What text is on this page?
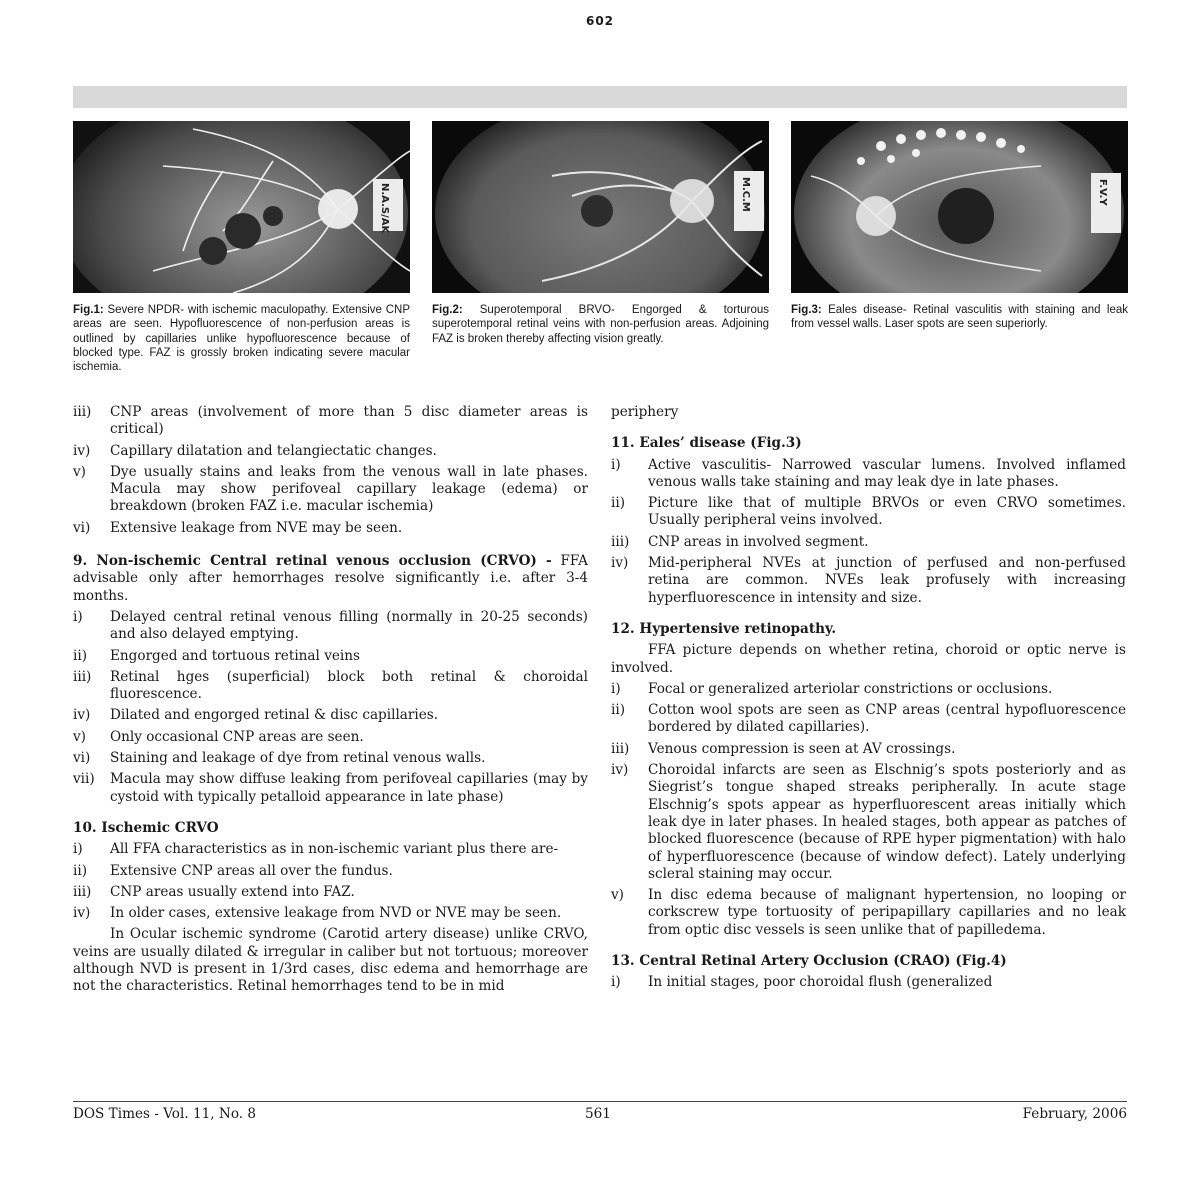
602
N.A.S/AK	M.C.M	F.V.Y
Fig.1: Severe NPDR- with ischemic maculopathy. Extensive CNP areas are seen. Hypofluorescence of non-perfusion areas is outlined by capillaries unlike hypofluorescence because of blocked type. FAZ is grossly broken indicating severe macular ischemia.
Fig.2: Superotemporal BRVO- Engorged & torturous superotemporal retinal veins with non-perfusion areas. Adjoining FAZ is broken thereby affecting vision greatly.
Fig.3: Eales disease- Retinal vasculitis with staining and leak from vessel walls. Laser spots are seen superiorly.
iii)	CNP areas (involvement of more than 5 disc diameter areas is critical)
iv)	Capillary dilatation and telangiectatic changes.
v)	Dye usually stains and leaks from the venous wall in late phases. Macula may show perifoveal capillary leakage (edema) or breakdown (broken FAZ i.e. macular ischemia)
vi)	Extensive leakage from NVE may be seen.

9. Non-ischemic Central retinal venous occlusion (CRVO) - FFA advisable only after hemorrhages resolve significantly i.e. after 3-4 months.

i)	Delayed central retinal venous filling (normally in 20-25 seconds) and also delayed emptying.
ii)	Engorged and tortuous retinal veins
iii)	Retinal hges (superficial) block both retinal & choroidal fluorescence.
iv)	Dilated and engorged retinal & disc capillaries.
v)	Only occasional CNP areas are seen.
vi)	Staining and leakage of dye from retinal venous walls.
vii)	Macula may show diffuse leaking from perifoveal capillaries (may by cystoid with typically petalloid appearance in late phase)
10. Ischemic CRVO
i)	All FFA characteristics as in non-ischemic variant plus there are-
ii)	Extensive CNP areas all over the fundus.
iii)	CNP areas usually extend into FAZ.
iv)	In older cases, extensive leakage from NVD or NVE may be seen.

In Ocular ischemic syndrome (Carotid artery disease) unlike CRVO, veins are usually dilated & irregular in caliber but not tortuous; moreover although NVD is present in 1/3rd cases, disc edema and hemorrhage are not the characteristics. Retinal hemorrhages tend to be in mid

periphery

11. Eales’ disease (Fig.3)
i)	Active vasculitis- Narrowed vascular lumens. Involved inflamed venous walls take staining and may leak dye in late phases.
ii)	Picture like that of multiple BRVOs or even CRVO sometimes. Usually peripheral veins involved.
iii)	CNP areas in involved segment.
iv)	Mid-peripheral NVEs at junction of perfused and non-perfused retina are common. NVEs leak profusely with increasing hyperfluorescence in intensity and size.
12. Hypertensive retinopathy.

FFA picture depends on whether retina, choroid or optic nerve is involved.

i)	Focal or generalized arteriolar constrictions or occlusions.
ii)	Cotton wool spots are seen as CNP areas (central hypofluorescence bordered by dilated capillaries).
iii)	Venous compression is seen at AV crossings.
iv)	Choroidal infarcts are seen as Elschnig’s spots posteriorly and as Siegrist’s tongue shaped streaks peripherally. In acute stage Elschnig’s spots appear as hyperfluorescent areas initially which leak dye in later phases. In healed stages, both appear as patches of blocked fluorescence (because of RPE hyper pigmentation) with halo of hyperfluorescence (because of window defect). Lately underlying scleral staining may occur.
v)	In disc edema because of malignant hypertension, no looping or corkscrew type tortuosity of peripapillary capillaries and no leak from optic disc vessels is seen unlike that of papilledema.
13. Central Retinal Artery Occlusion (CRAO) (Fig.4)
i)	In initial stages, poor choroidal flush (generalized
DOS Times - Vol. 11, No. 8	561	February, 2006
